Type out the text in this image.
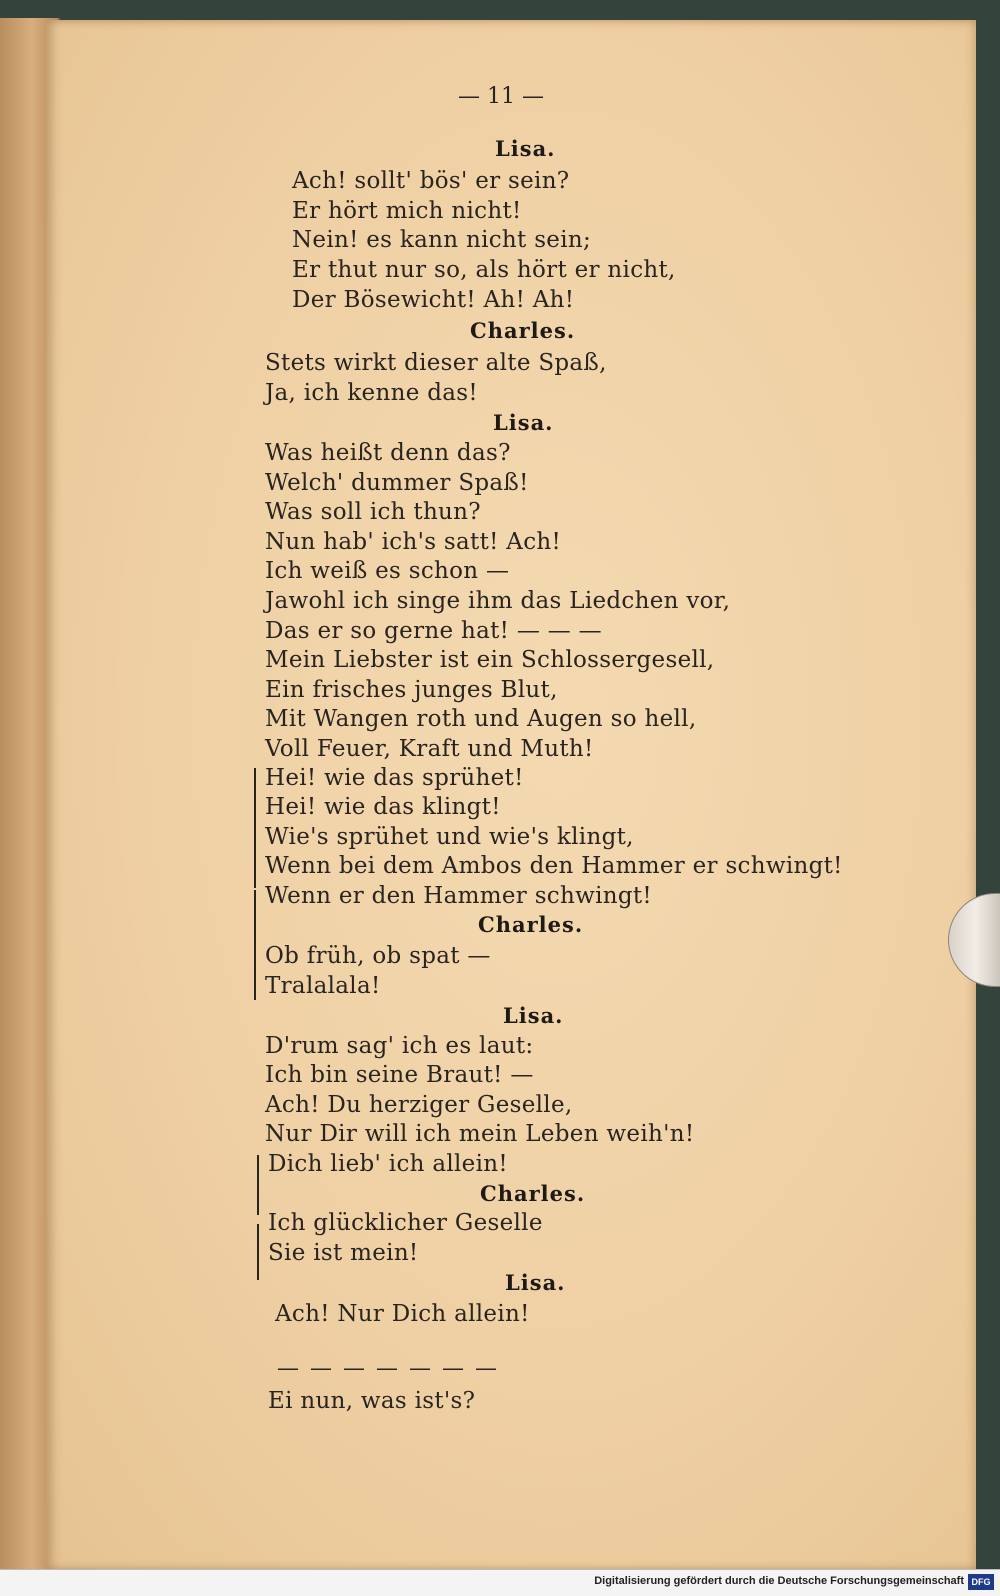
— 11 —
Lisa.
Ach! sollt' bös' er sein?
Er hört mich nicht!
Nein! es kann nicht sein;
Er thut nur so, als hört er nicht,
Der Bösewicht! Ah! Ah!
Charles.
Stets wirkt dieser alte Spaß,
Ja, ich kenne das!
Lisa.
Was heißt denn das?
Welch' dummer Spaß!
Was soll ich thun?
Nun hab' ich's satt! Ach!
Ich weiß es schon —
Jawohl ich singe ihm das Liedchen vor,
Das er so gerne hat! — — —
Mein Liebster ist ein Schlossergesell,
Ein frisches junges Blut,
Mit Wangen roth und Augen so hell,
Voll Feuer, Kraft und Muth!
Hei! wie das sprühet!
Hei! wie das klingt!
Wie's sprühet und wie's klingt,
Wenn bei dem Ambos den Hammer er schwingt!
Wenn er den Hammer schwingt!
Charles.
Ob früh, ob spat —
Tralalala!
Lisa.
D'rum sag' ich es laut:
Ich bin seine Braut! —
Ach! Du herziger Geselle,
Nur Dir will ich mein Leben weih'n!
Dich lieb' ich allein!
Charles.
Ich glücklicher Geselle
Sie ist mein!
Lisa.
Ach! Nur Dich allein!
— — — — — — —
Ei nun, was ist's?
Digitalisierung gefördert durch die Deutsche Forschungsgemeinschaft DFG
